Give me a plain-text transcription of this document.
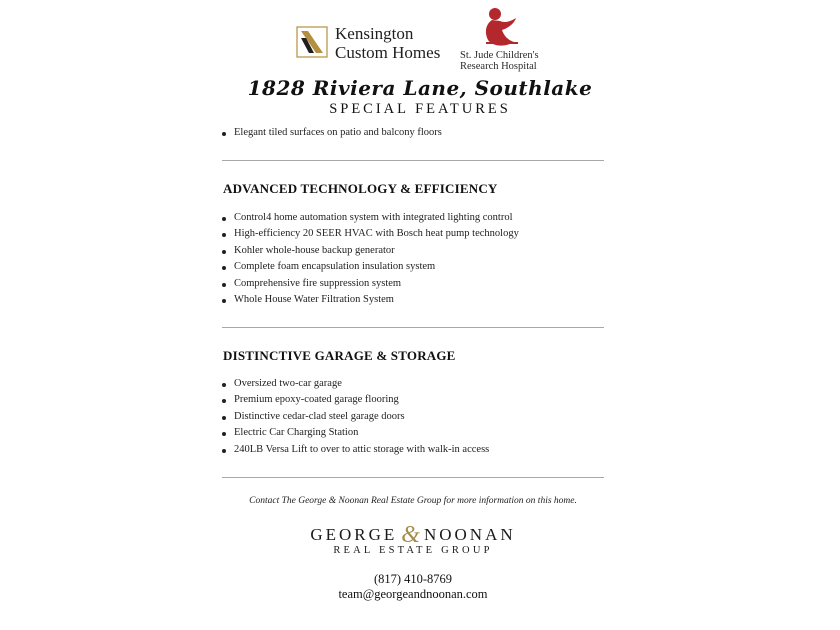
Kensington
Custom Homes St. Jude Children's
Research Hospital
1828 Riviera Lane, Southlake
SPECIAL FEATURES
Elegant tiled surfaces on patio and balcony floors
ADVANCED TECHNOLOGY & EFFICIENCY
Control4 home automation system with integrated lighting control
High-efficiency 20 SEER HVAC with Bosch heat pump technology
Kohler whole-house backup generator
Complete foam encapsulation insulation system
Comprehensive fire suppression system
Whole House Water Filtration System
DISTINCTIVE GARAGE & STORAGE
Oversized two-car garage
Premium epoxy-coated garage flooring
Distinctive cedar-clad steel garage doors
Electric Car Charging Station
240LB Versa Lift to over to attic storage with walk-in access
Contact The George & Noonan Real Estate Group for more information on this home.
GEORGE & NOONAN
REAL ESTATE GROUP
(817) 410-8769
team@georgeandnoonan.com
